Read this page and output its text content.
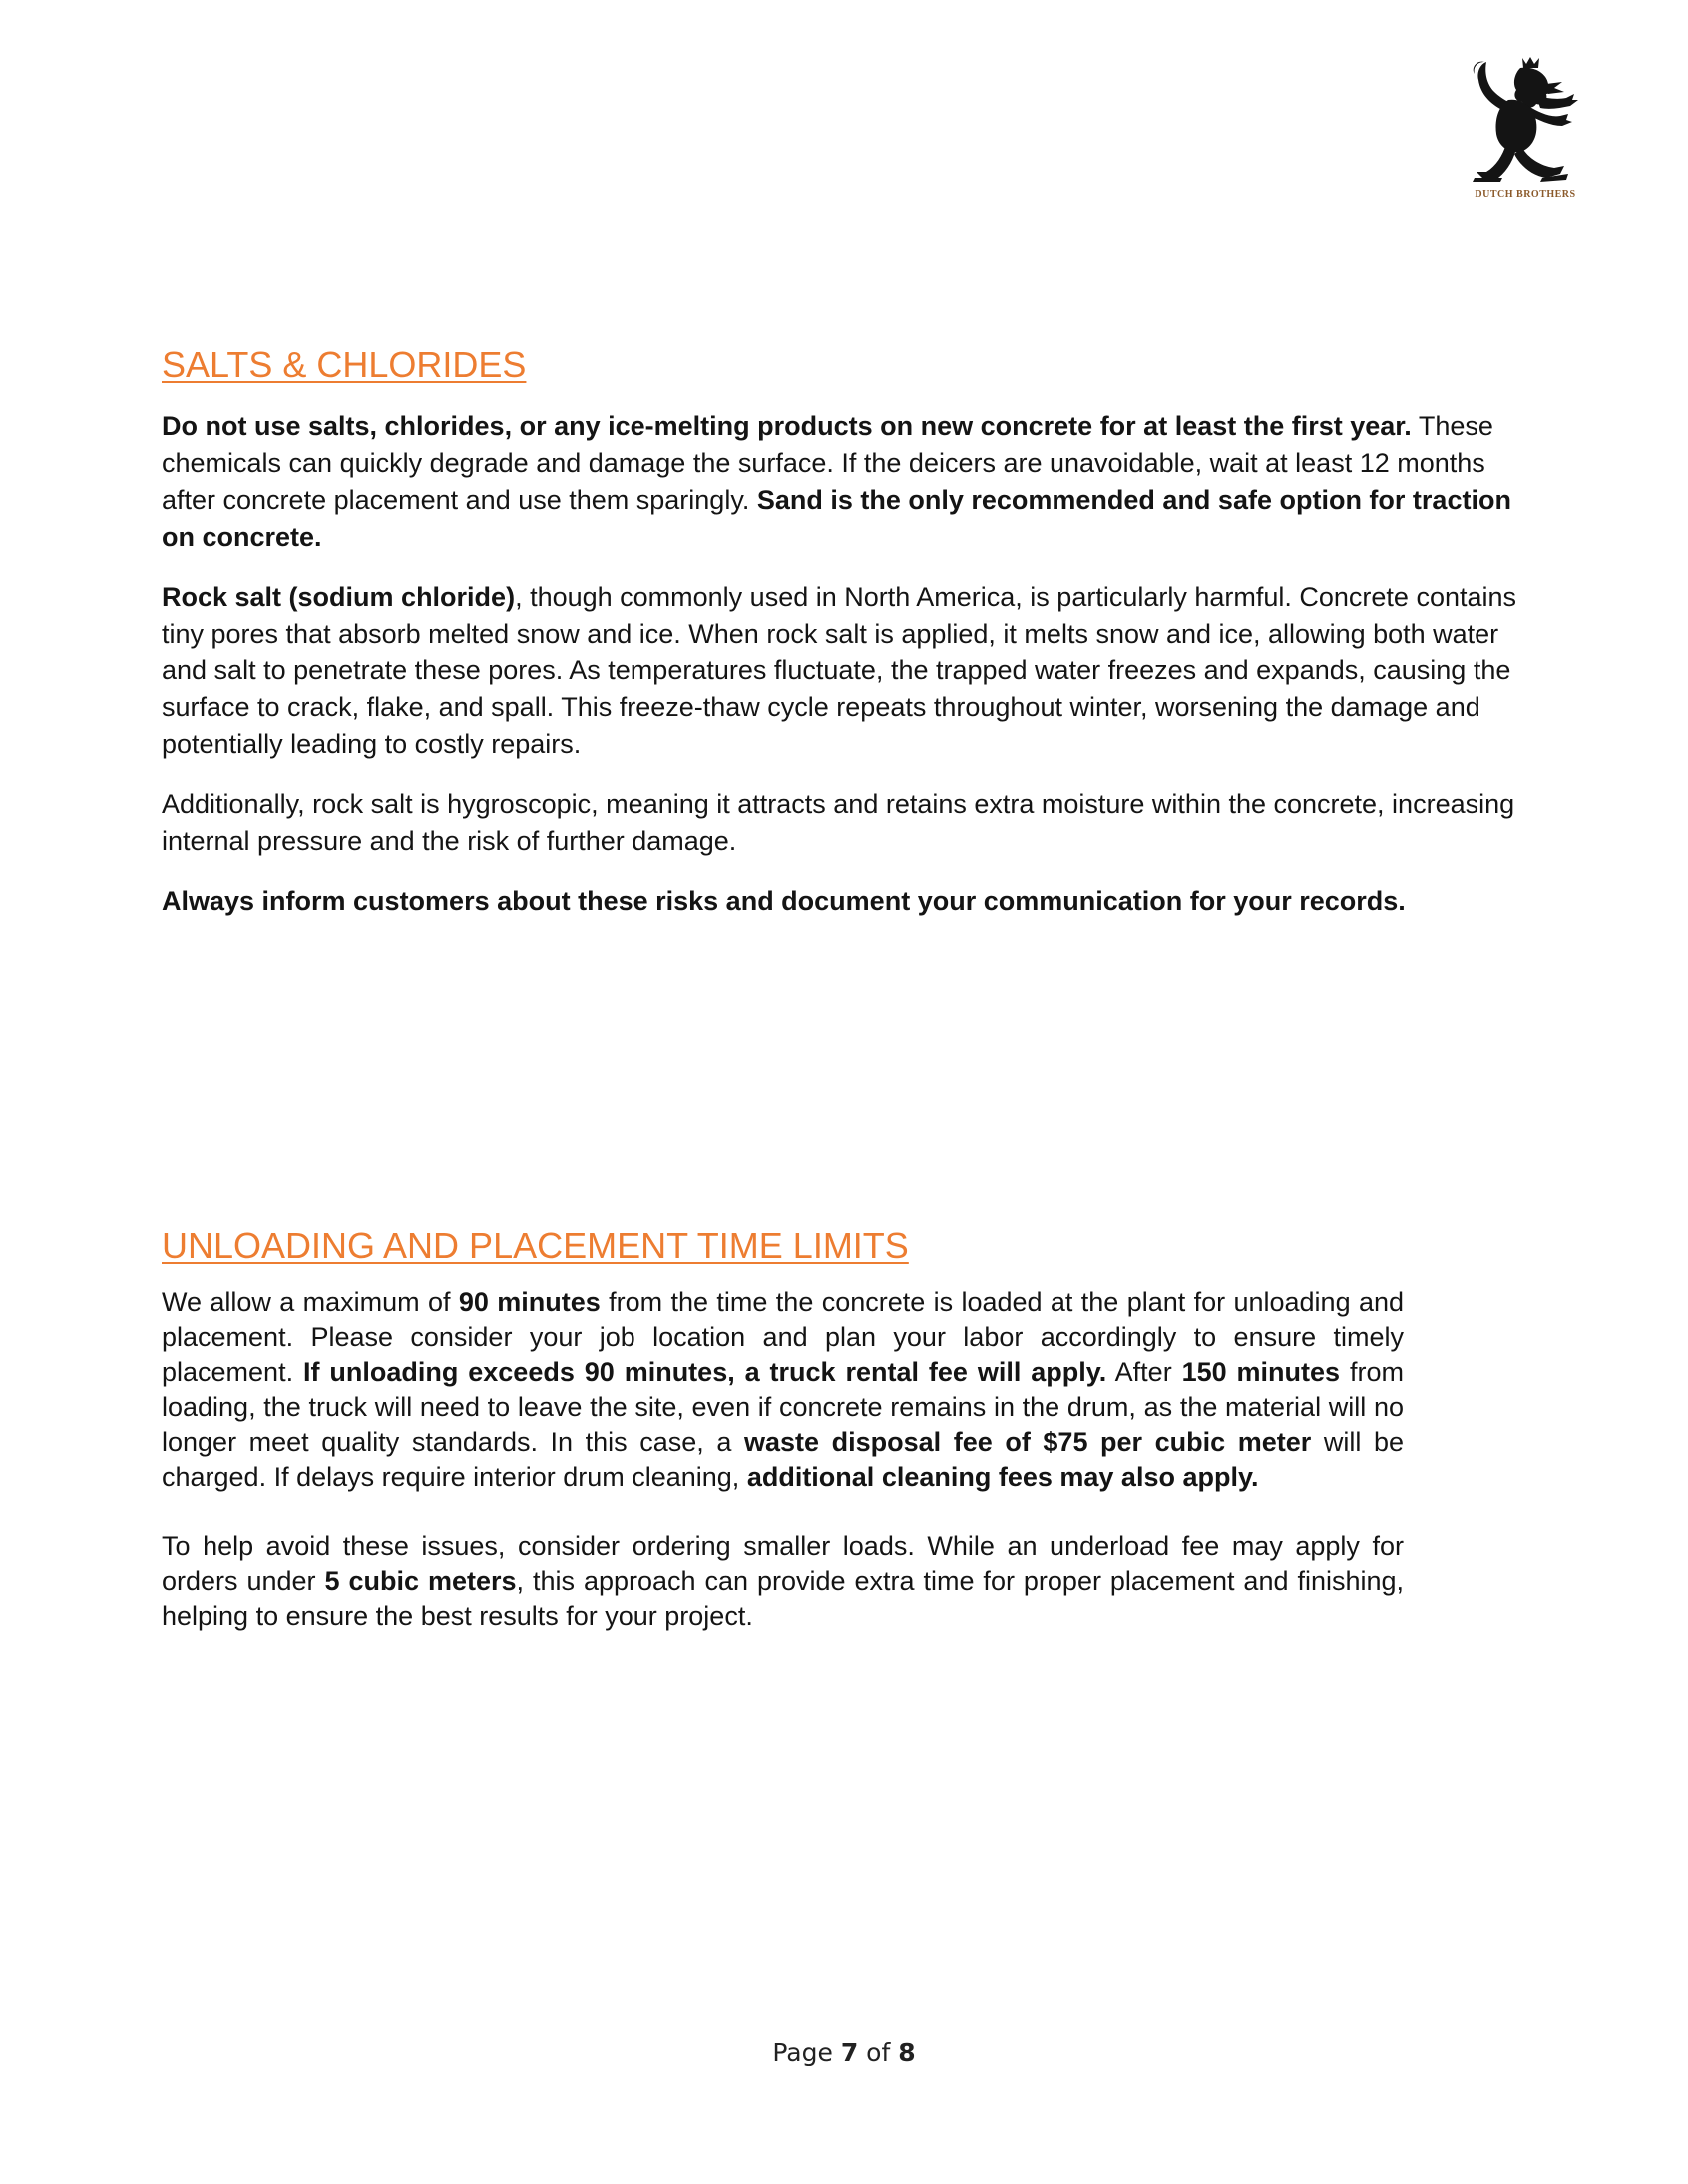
DUTCH BROTHERS
SALTS & CHLORIDES

Do not use salts, chlorides, or any ice-melting products on new concrete for at least the first year. These chemicals can quickly degrade and damage the surface. If the deicers are unavoidable, wait at least 12 months after concrete placement and use them sparingly. Sand is the only recommended and safe option for traction on concrete.

Rock salt (sodium chloride), though commonly used in North America, is particularly harmful. Concrete contains tiny pores that absorb melted snow and ice. When rock salt is applied, it melts snow and ice, allowing both water and salt to penetrate these pores. As temperatures fluctuate, the trapped water freezes and expands, causing the surface to crack, flake, and spall. This freeze-thaw cycle repeats throughout winter, worsening the damage and potentially leading to costly repairs.

Additionally, rock salt is hygroscopic, meaning it attracts and retains extra moisture within the concrete, increasing internal pressure and the risk of further damage.

Always inform customers about these risks and document your communication for your records.

UNLOADING AND PLACEMENT TIME LIMITS

We allow a maximum of 90 minutes from the time the concrete is loaded at the plant for unloading and placement. Please consider your job location and plan your labor accordingly to ensure timely placement. If unloading exceeds 90 minutes, a truck rental fee will apply. After 150 minutes from loading, the truck will need to leave the site, even if concrete remains in the drum, as the material will no longer meet quality standards. In this case, a waste disposal fee of $75 per cubic meter will be charged. If delays require interior drum cleaning, additional cleaning fees may also apply.

To help avoid these issues, consider ordering smaller loads. While an underload fee may apply for orders under 5 cubic meters, this approach can provide extra time for proper placement and finishing, helping to ensure the best results for your project.

Page 7 of 8
